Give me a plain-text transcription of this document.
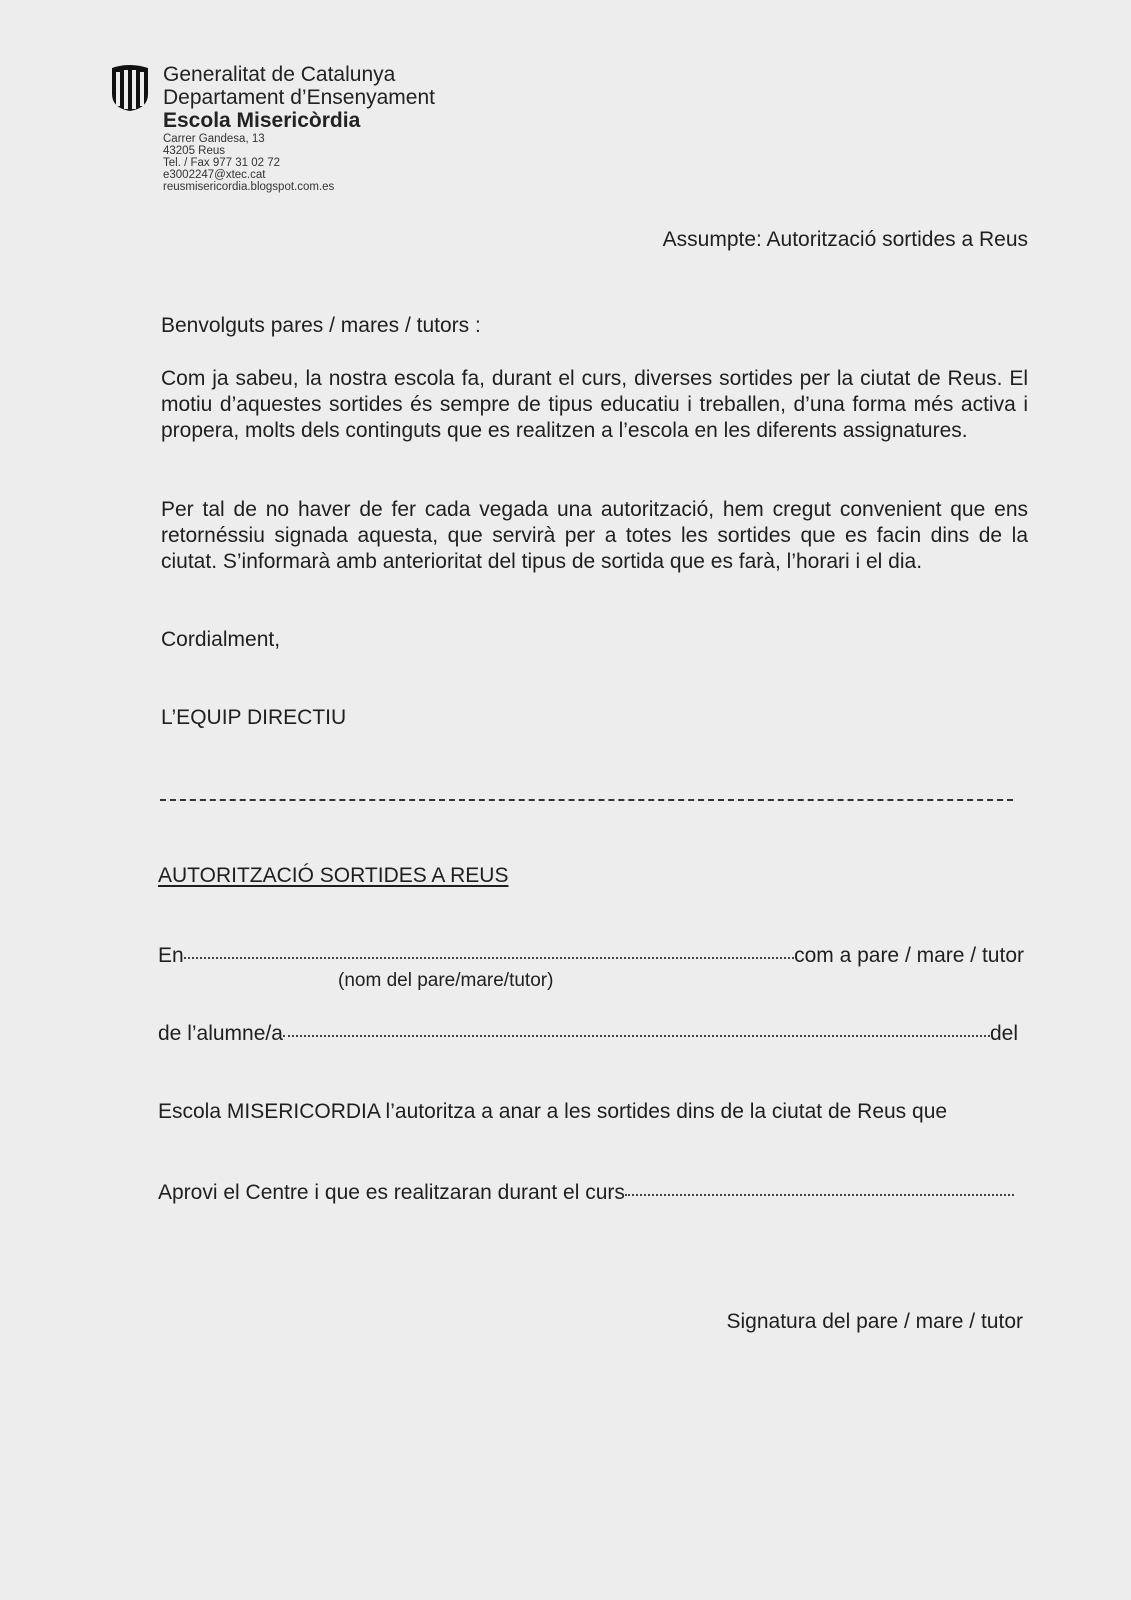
Generalitat de Catalunya
Departament d’Ensenyament
Escola Misericòrdia
Carrer Gandesa, 13
43205 Reus
Tel. / Fax 977 31 02 72
e3002247@xtec.cat
reusmisericordia.blogspot.com.es
Assumpte: Autorització sortides a Reus
Benvolguts pares / mares / tutors :
Com ja sabeu, la nostra escola fa, durant el curs, diverses sortides per la ciutat de Reus. El motiu d’aquestes sortides és sempre de tipus educatiu i treballen, d’una forma més activa i propera, molts dels continguts que es realitzen a l’escola en les diferents assignatures.
Per tal de no haver de fer cada vegada una autorització, hem cregut convenient que ens retornéssiu signada aquesta, que servirà per a totes les sortides que es facin dins de la ciutat. S’informarà amb anterioritat del tipus de sortida que es farà, l’horari i el dia.
Cordialment,
L’EQUIP DIRECTIU
AUTORITZACIÓ SORTIDES A REUS
En	com a pare / mare / tutor
(nom del pare/mare/tutor)
de l’alumne/a	del
Escola MISERICORDIA l’autoritza a anar a les sortides dins de la ciutat de Reus que
Aprovi el Centre i que es realitzaran durant el curs
Signatura del pare / mare / tutor
